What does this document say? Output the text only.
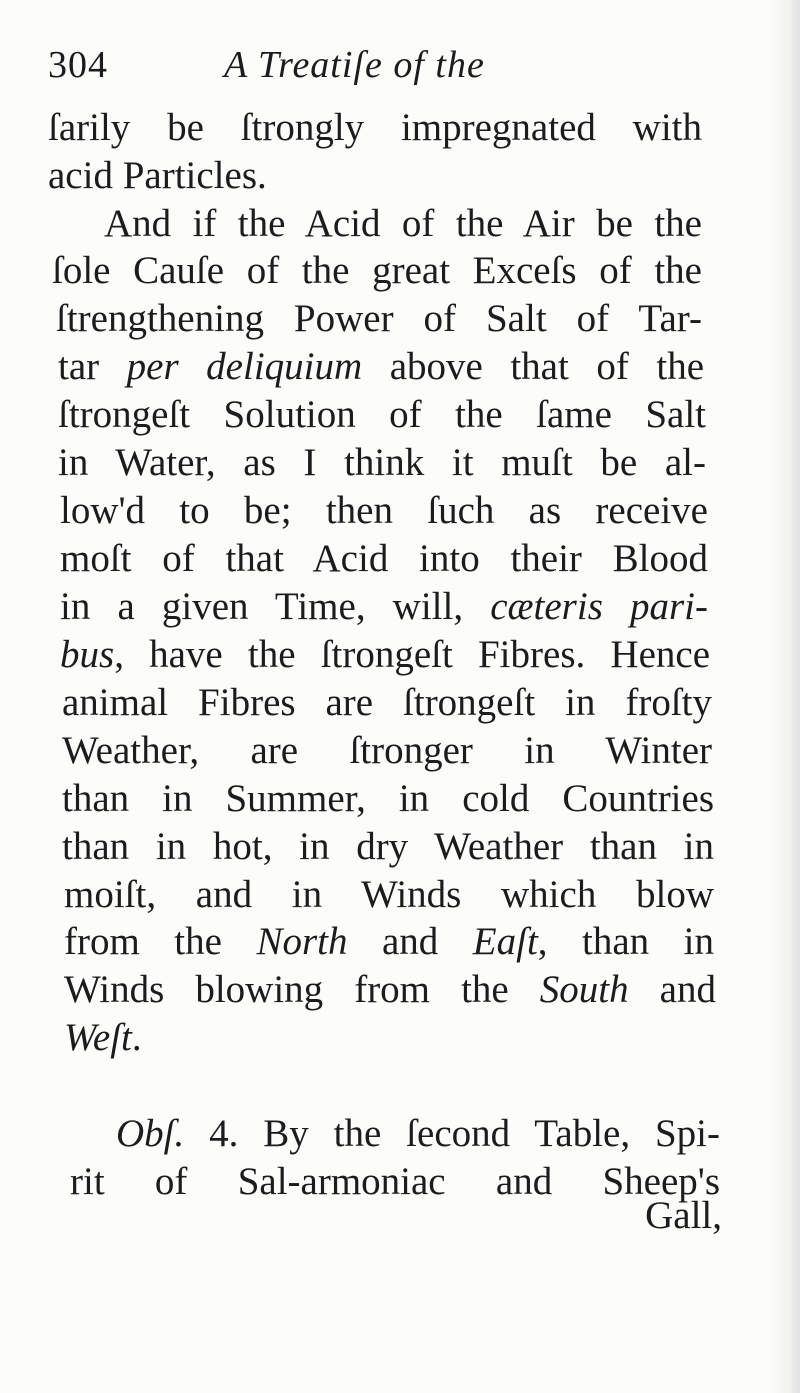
304	A Treatiſe of the
ſarily be ſtrongly impregnated with
acid Particles.
And if the Acid of the Air be the
ſole Cauſe of the great Exceſs of the
ſtrengthening Power of Salt of Tar-
tar per deliquium above that of the
ſtrongeſt Solution of the ſame Salt
in Water, as I think it muſt be al-
low'd to be; then ſuch as receive
moſt of that Acid into their Blood
in a given Time, will, cæteris pari-
bus, have the ſtrongeſt Fibres. Hence
animal Fibres are ſtrongeſt in froſty
Weather, are ſtronger in Winter
than in Summer, in cold Countries
than in hot, in dry Weather than in
moiſt, and in Winds which blow
from the North and Eaſt, than in
Winds blowing from the South and
Weſt.
Obſ. 4. By the ſecond Table, Spi-
rit of Sal-armoniac and Sheep's
Gall,
